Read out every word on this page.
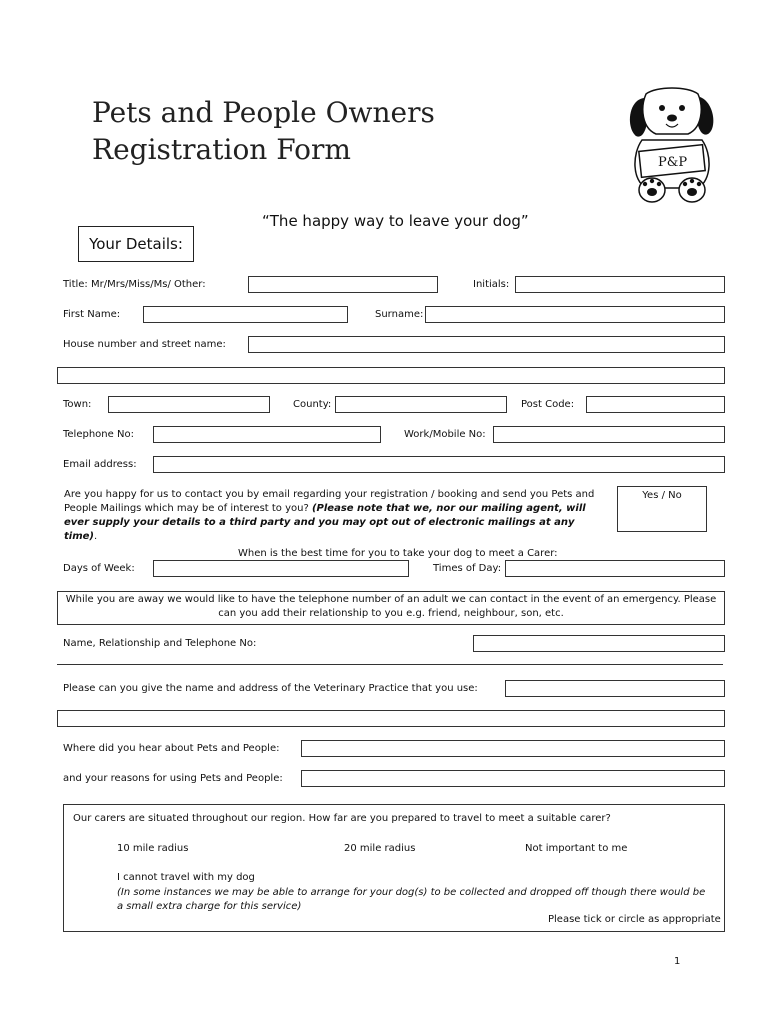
Pets and People Owners Registration Form	P&P
“The happy way to leave your dog”
Your Details:
Title: Mr/Mrs/Miss/Ms/ Other:	Initials:
First Name:	Surname:
House number and street name:
Town:	County:	Post Code:
Telephone No:	Work/Mobile No:
Email address:
Are you happy for us to contact you by email regarding your registration / booking and send you Pets and People Mailings which may be of interest to you? (Please note that we, nor our mailing agent, will ever supply your details to a third party and you may opt out of electronic mailings at any time).
Yes / No
When is the best time for you to take your dog to meet a Carer:
Days of Week:	Times of Day:
While you are away we would like to have the telephone number of an adult we can contact in the event of an emergency. Please can you add their relationship to you e.g. friend, neighbour, son, etc.
Name, Relationship and Telephone No:
Please can you give the name and address of the Veterinary Practice that you use:
Where did you hear about Pets and People:
and your reasons for using Pets and People:
Our carers are situated throughout our region. How far are you prepared to travel to meet a suitable carer?
10 mile radius	20 mile radius	Not important to me
I cannot travel with my dog
(In some instances we may be able to arrange for your dog(s) to be collected and dropped off though there would be a small extra charge for this service)
Please tick or circle as appropriate
1
